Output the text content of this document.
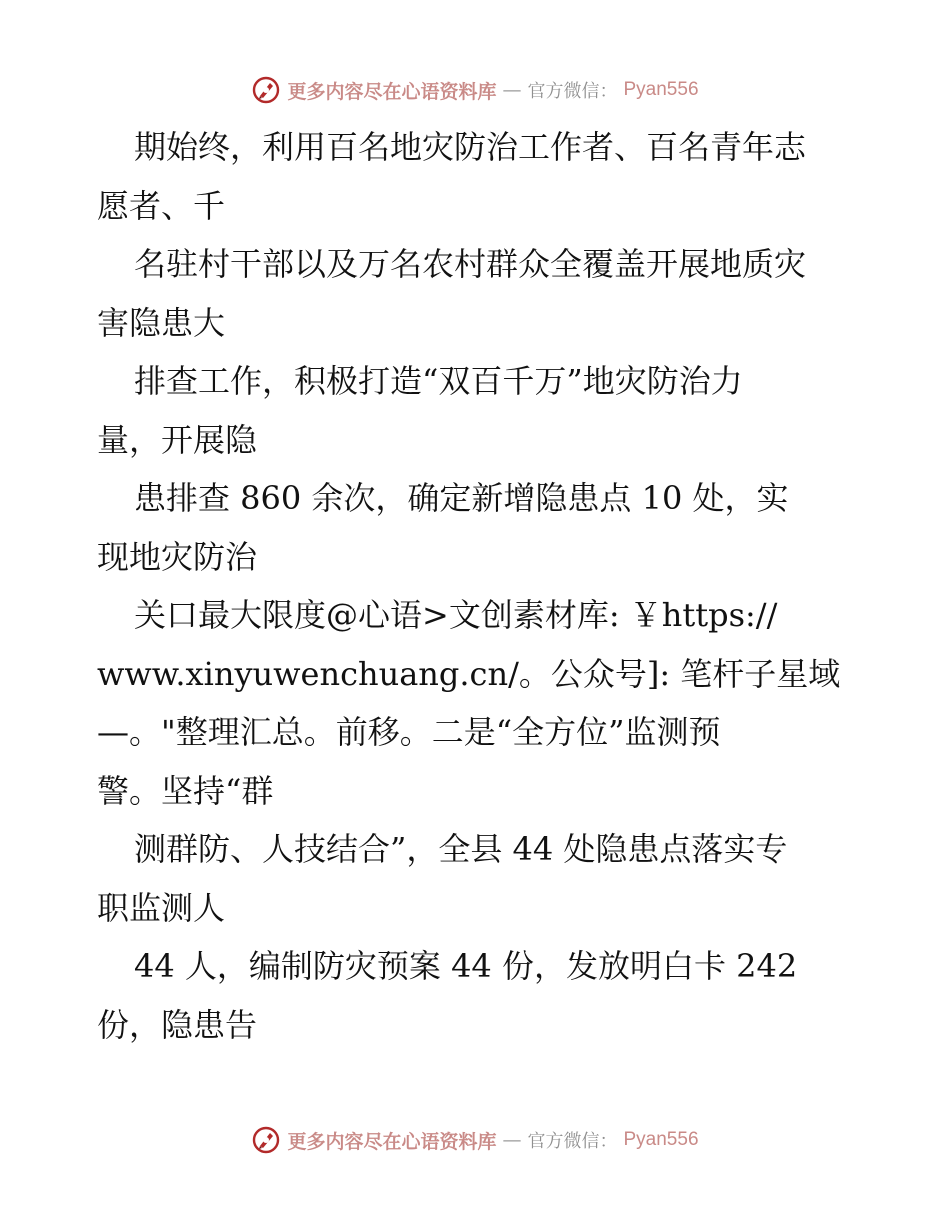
更多内容尽在心语资料库 — 官方微信： Pyan556
期始终，利用百名地灾防治工作者、百名青年志
愿者、千
名驻村干部以及万名农村群众全覆盖开展地质灾
害隐患大
排查工作，积极打造“双百千万”地灾防治力
量，开展隐
患排查 860 余次，确定新增隐患点 10 处，实
现地灾防治
关口最大限度@心语>文创素材库: ￥https://
www.xinyuwenchuang.cn/。公众号]: 笔杆子星域
—。"整理汇总。前移。二是“全方位”监测预
警。坚持“群
测群防、人技结合”，全县 44 处隐患点落实专
职监测人
44 人，编制防灾预案 44 份，发放明白卡 242
份，隐患告
更多内容尽在心语资料库 — 官方微信： Pyan556
